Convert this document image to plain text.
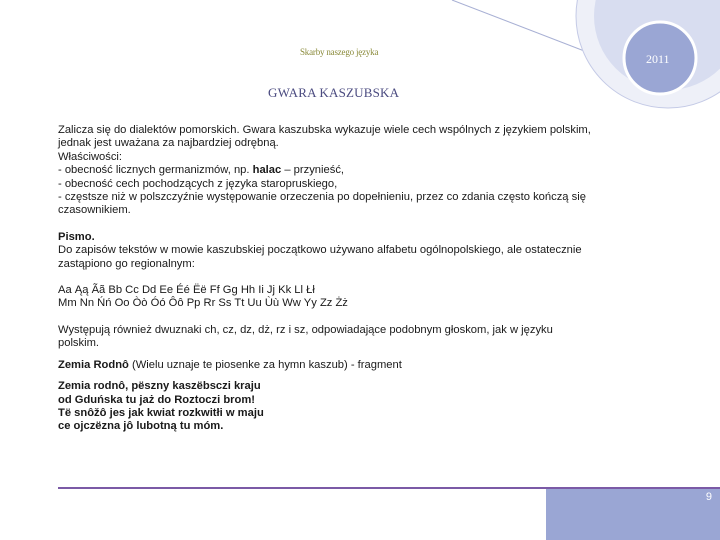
Skarby naszego języka	2011
GWARA KASZUBSKA

Zalicza się do dialektów pomorskich. Gwara kaszubska wykazuje wiele cech wspólnych z językiem polskim,

jednak jest uważana za najbardziej odrębną.

Właściwości:

- obecność licznych germanizmów, np. halac – przynieść,

- obecność cech pochodzących z języka staropruskiego,

- częstsze niż w polszczyźnie występowanie orzeczenia po dopełnieniu, przez co zdania często kończą się

czasownikiem.

Pismo.

Do zapisów tekstów w mowie kaszubskiej początkowo używano alfabetu ogólnopolskiego, ale ostatecznie

zastąpiono go regionalnym:

Aa Ąą Ãã Bb Cc Dd Ee Éé Ëë Ff Gg Hh Ii Jj Kk Ll Łł

Mm Nn Ńń Oo Òò Óó Ôô Pp Rr Ss Tt Uu Ùù Ww Yy Zz Żż

Występują również dwuznaki ch, cz, dz, dż, rz i sz, odpowiadające podobnym głoskom, jak w języku

polskim.

Zemia Rodnô (Wielu uznaje te piosenke za hymn kaszub) - fragment

Zemia rodnô, pëszny kaszëbsczi kraju

od Gduńska tu jaż do Roztoczi brom!

Të snôžô jes jak kwiat rozkwitłi w maju

ce ojczëzna jô lubotną tu móm.

9
